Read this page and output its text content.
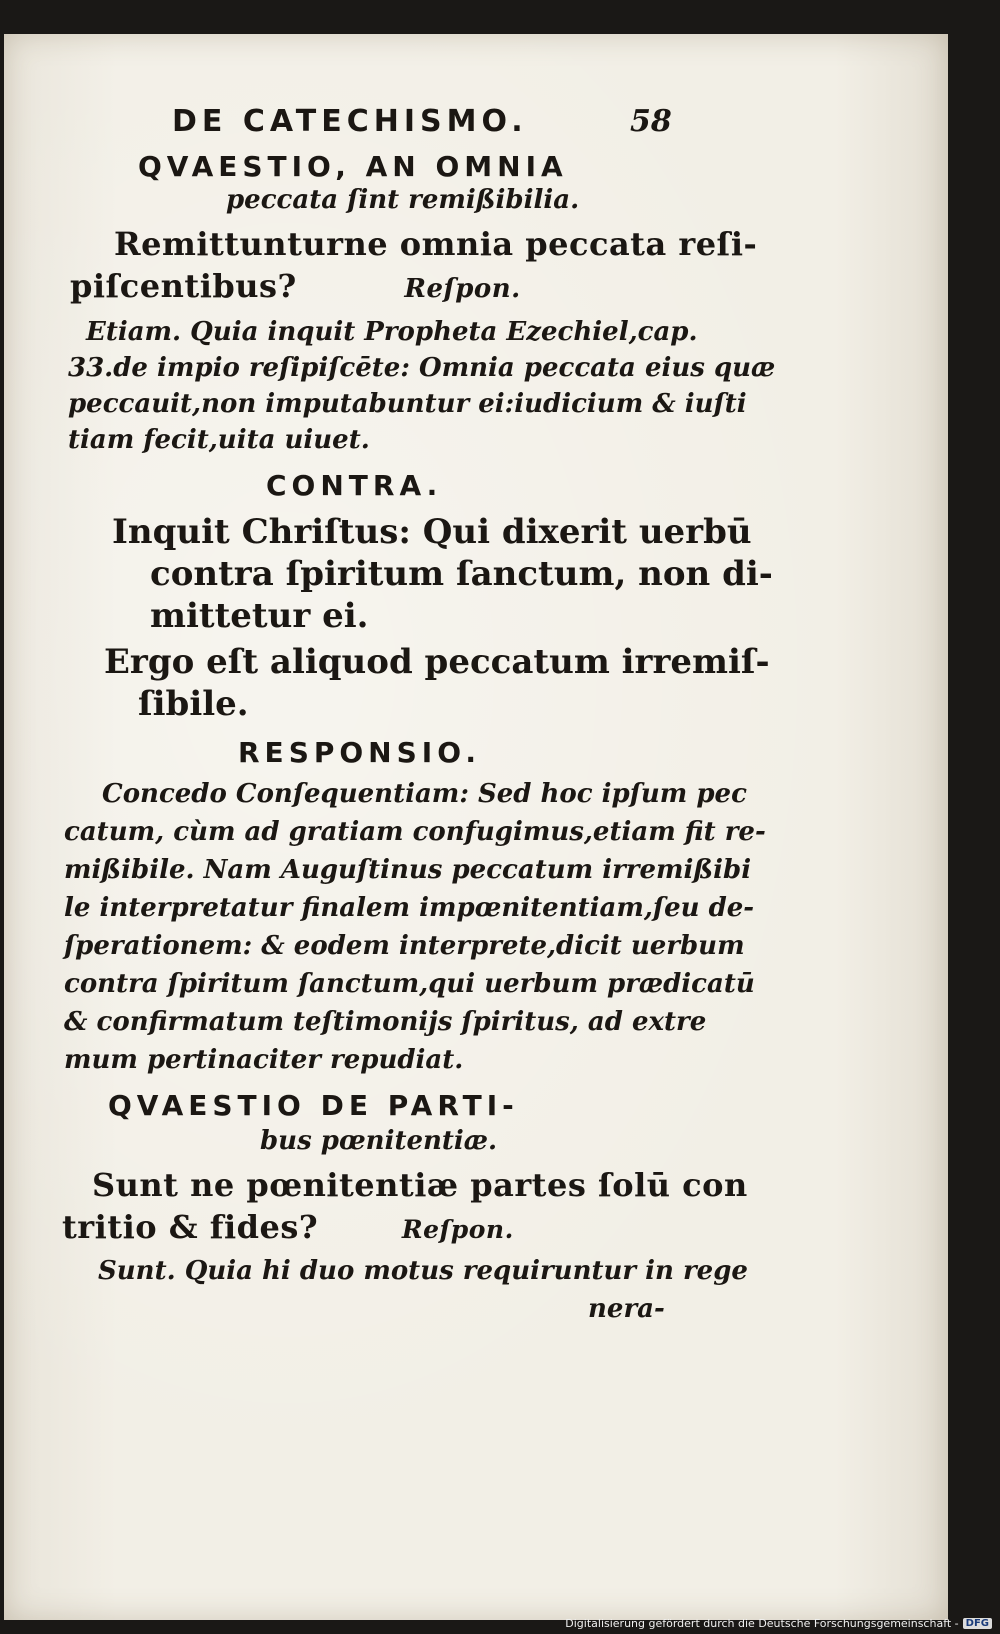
DE CATECHISMO.	58
QVAESTIO, AN OMNIA
peccata ſint remißibilia.
Remittunturne omnia peccata reſi-
piſcentibus?	Reſpon.
Etiam. Quia inquit Propheta Ezechiel,cap.
33.de impio reſipiſcēte: Omnia peccata eius quæ
peccauit,non imputabuntur ei:iudicium & iuſti
tiam fecit,uita uiuet.
CONTRA.
Inquit Chriſtus: Qui dixerit uerbū
contra ſpiritum ſanctum, non di-
mittetur ei.
Ergo eſt aliquod peccatum irremiſ-
ſibile.
RESPONSIO.
Concedo Conſequentiam: Sed hoc ipſum pec
catum, cùm ad gratiam confugimus,etiam fit re-
mißibile. Nam Auguſtinus peccatum irremißibi
le interpretatur finalem impœnitentiam,ſeu de-
ſperationem: & eodem interprete,dicit uerbum
contra ſpiritum ſanctum,qui uerbum prædicatū
& confirmatum teſtimonijs ſpiritus, ad extre
mum pertinaciter repudiat.
QVAESTIO DE PARTI-
bus pœnitentiæ.
Sunt ne pœnitentiæ partes ſolū con
tritio & fides?	Reſpon.
Sunt. Quia hi duo motus requiruntur in rege
nera-
Digitalisierung gefördert durch die Deutsche Forschungsgemeinschaft - DFG
